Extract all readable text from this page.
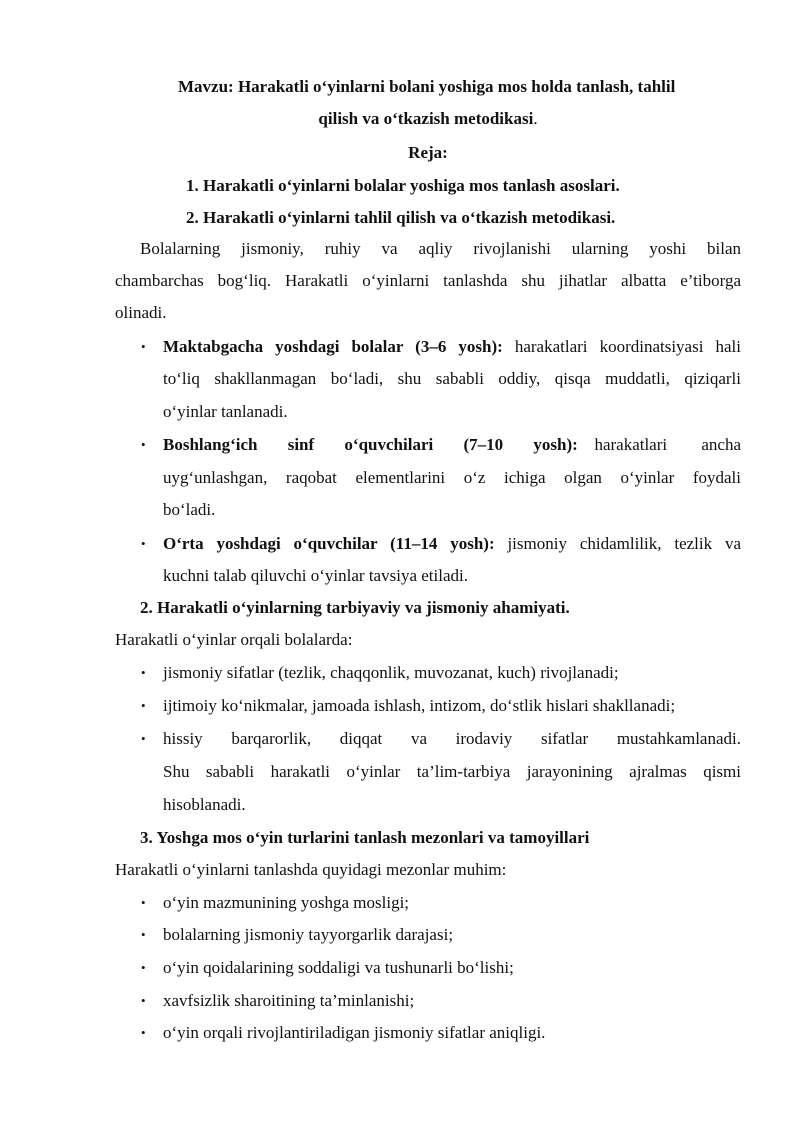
Mavzu: Harakatli o‘yinlarni bolani yoshiga mos holda tanlash, tahlil
qilish va o‘tkazish metodikasi.
Reja:
1. Harakatli o‘yinlarni bolalar yoshiga mos tanlash asoslari.
2. Harakatli o‘yinlarni tahlil qilish va o‘tkazish metodikasi.
Bolalarning jismoniy, ruhiy va aqliy rivojlanishi ularning yoshi bilan
chambarchas bog‘liq. Harakatli o‘yinlarni tanlashda shu jihatlar albatta e’tiborga
olinadi.
• Maktabgacha yoshdagi bolalar (3–6 yosh): harakatlari koordinatsiyasi hali
to‘liq shakllanmagan bo‘ladi, shu sababli oddiy, qisqa muddatli, qiziqarli
o‘yinlar tanlanadi.
• Boshlang‘ich sinf o‘quvchilari (7–10 yosh): harakatlari ancha
uyg‘unlashgan, raqobat elementlarini o‘z ichiga olgan o‘yinlar foydali
bo‘ladi.
• O‘rta yoshdagi o‘quvchilar (11–14 yosh): jismoniy chidamlilik, tezlik va
kuchni talab qiluvchi o‘yinlar tavsiya etiladi.
2. Harakatli o‘yinlarning tarbiyaviy va jismoniy ahamiyati.
Harakatli o‘yinlar orqali bolalarda:
• jismoniy sifatlar (tezlik, chaqqonlik, muvozanat, kuch) rivojlanadi;
• ijtimoiy ko‘nikmalar, jamoada ishlash, intizom, do‘stlik hislari shakllanadi;
• hissiy barqarorlik, diqqat va irodaviy sifatlar mustahkamlanadi.
Shu sababli harakatli o‘yinlar ta’lim-tarbiya jarayonining ajralmas qismi
hisoblanadi.
3. Yoshga mos o‘yin turlarini tanlash mezonlari va tamoyillari
Harakatli o‘yinlarni tanlashda quyidagi mezonlar muhim:
• o‘yin mazmunining yoshga mosligi;
• bolalarning jismoniy tayyorgarlik darajasi;
• o‘yin qoidalarining soddaligi va tushunarli bo‘lishi;
• xavfsizlik sharoitining ta’minlanishi;
• o‘yin orqali rivojlantiriladigan jismoniy sifatlar aniqligi.
